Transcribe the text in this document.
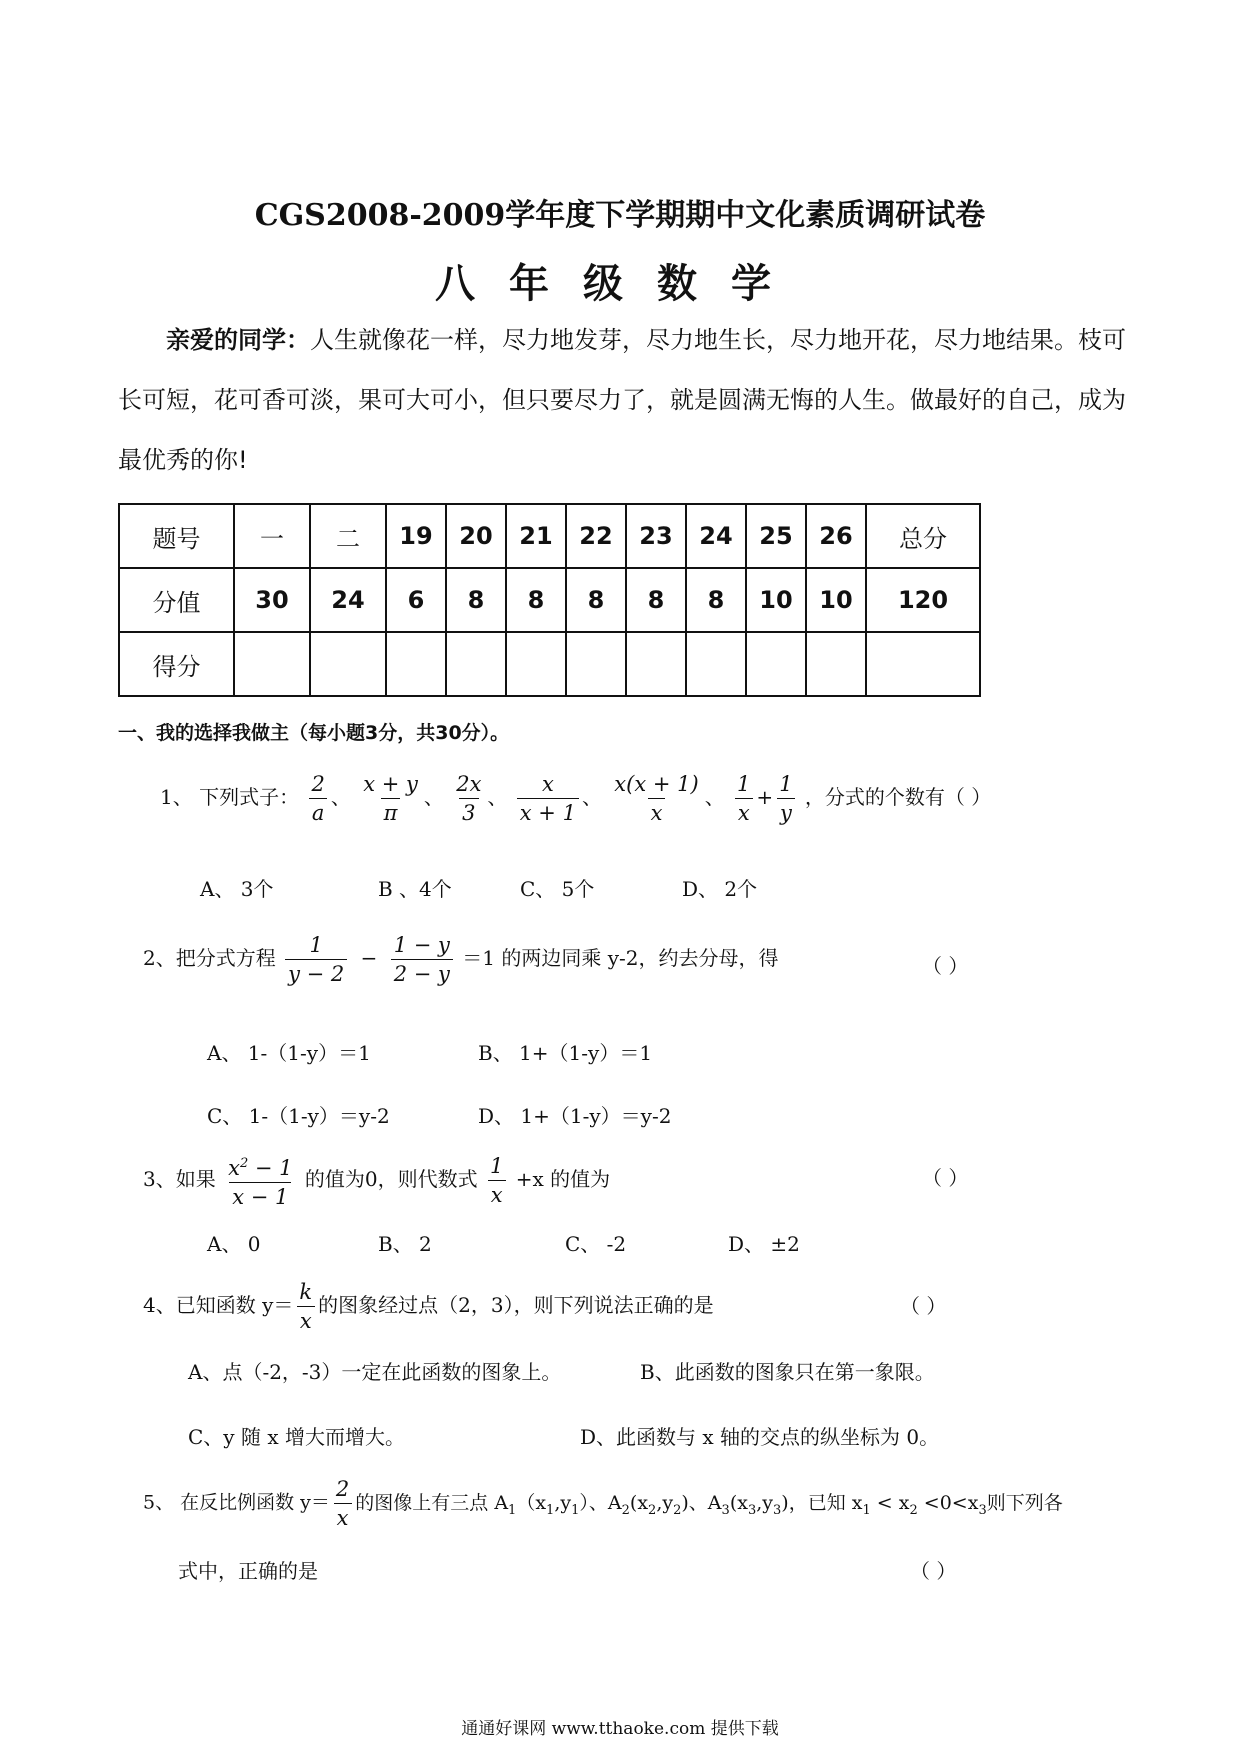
CGS2008-2009学年度下学期期中文化素质调研试卷
八年级数学
亲爱的同学：人生就像花一样，尽力地发芽，尽力地生长，尽力地开花，尽力地结果。枝可长可短，花可香可淡，果可大可小，但只要尽力了，就是圆满无悔的人生。做最好的自己，成为最优秀的你!
题号	一	二	19	20	21	22	23	24	25	26	总分
分值	30	24	6	8	8	8	8	8	10	10	120
得分											
一、我的选择我做主（每小题3分，共30分）。
1、 下列式子： $\frac{2}{a}$ 、 $\frac{x + y}{\pi}$ 、 $\frac{2x}{3}$ 、 $\frac{x}{x + 1}$ 、 $\frac{x(x + 1)}{x}$ 、 $\frac{1}{x} + \frac{1}{y}$ ，分式的个数有（ ）
A、 3个	B 、4个	C、 5个	D、 2个
2、把分式方程 $\frac{1}{y - 2} - \frac{1 - y}{2 - y} =1$ 的两边同乘 y-2，约去分母，得	（ ）
A、 1-（1-y）＝1	B、 1+（1-y）＝1
C、 1-（1-y）＝y-2	D、 1+（1-y）＝y-2
3、如果 $\frac{x^2 - 1}{x - 1}$ 的值为0，则代数式 $\frac{1}{x} +x$ 的值为	（ ）
A、 0	B、 2	C、 -2	D、 ±2
4、已知函数 $y= \frac{k}{x}$ 的图象经过点（2，3），则下列说法正确的是	（ ）
A、点（-2，-3）一定在此函数的图象上。	B、此函数的图象只在第一象限。
C、y 随 x 增大而增大。	D、此函数与 x 轴的交点的纵坐标为 0。
5、 在反比例函数 $y= \frac{2}{x}$ 的图像上有三点 $A_1(x_1,y_1)$、$A_2(x_2,y_2)$、$A_3(x_3,y_3)$，已知 $x_1 < x_2 <0<x_3$则下列各
式中，正确的是	（ ）
通通好课网 www.tthaoke.com 提供下载
